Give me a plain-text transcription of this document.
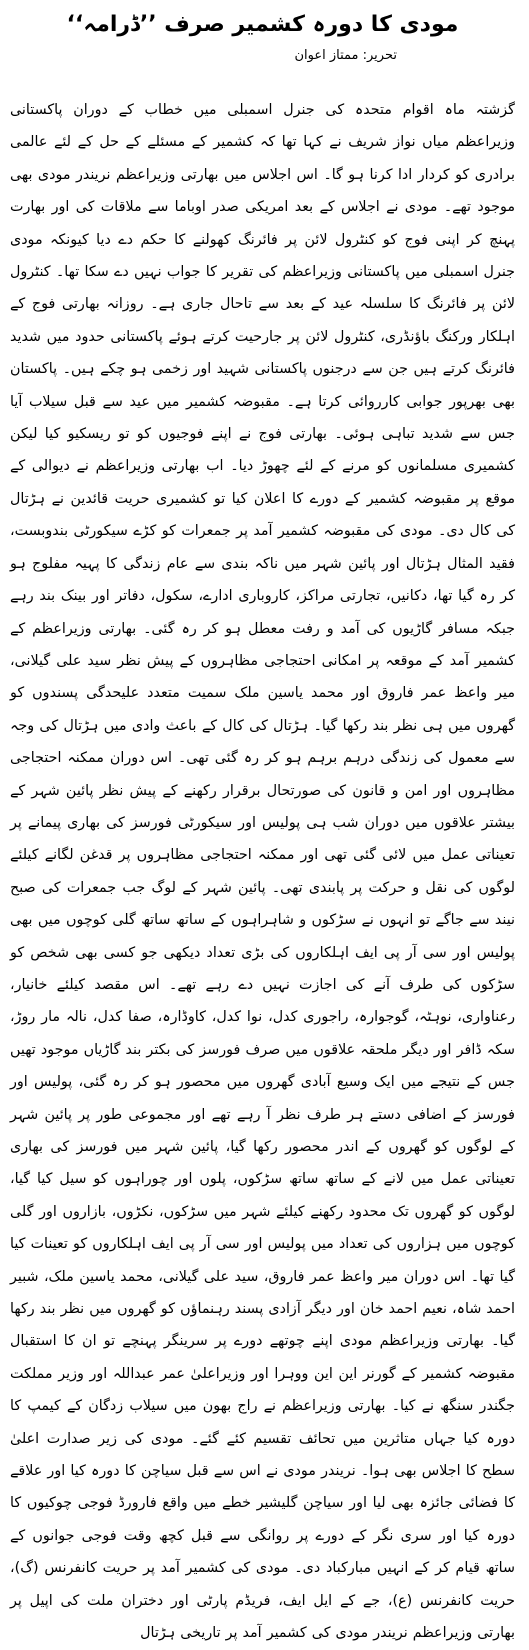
مودی کا دورہ کشمیر صرف ’’ڈرامہ‘‘
تحریر: ممتاز اعوان

گزشتہ ماہ اقوام متحدہ کی جنرل اسمبلی میں خطاب کے دوران پاکستانی وزیراعظم میاں نواز شریف نے کہا تھا کہ کشمیر کے مسئلے کے حل کے لئے عالمی برادری کو کردار ادا کرنا ہو گا۔ اس اجلاس میں بھارتی وزیراعظم نریندر مودی بھی موجود تھے۔ مودی نے اجلاس کے بعد امریکی صدر اوباما سے ملاقات کی اور بھارت پہنچ کر اپنی فوج کو کنٹرول لائن پر فائرنگ کھولنے کا حکم دے دیا کیونکہ مودی جنرل اسمبلی میں پاکستانی وزیراعظم کی تقریر کا جواب نہیں دے سکا تھا۔ کنٹرول لائن پر فائرنگ کا سلسلہ عید کے بعد سے تاحال جاری ہے۔ روزانہ بھارتی فوج کے اہلکار ورکنگ باؤنڈری، کنٹرول لائن پر جارحیت کرتے ہوئے پاکستانی حدود میں شدید فائرنگ کرتے ہیں جن سے درجنوں پاکستانی شہید اور زخمی ہو چکے ہیں۔ پاکستان بھی بھرپور جوابی کارروائی کرتا ہے۔ مقبوضہ کشمیر میں عید سے قبل سیلاب آیا جس سے شدید تباہی ہوئی۔ بھارتی فوج نے اپنے فوجیوں کو تو ریسکیو کیا لیکن کشمیری مسلمانوں کو مرنے کے لئے چھوڑ دیا۔ اب بھارتی وزیراعظم نے دیوالی کے موقع پر مقبوضہ کشمیر کے دورے کا اعلان کیا تو کشمیری حریت قائدین نے ہڑتال کی کال دی۔ مودی کی مقبوضہ کشمیر آمد پر جمعرات کو کڑے سیکورٹی بندوبست، فقید المثال ہڑتال اور پائین شہر میں ناکہ بندی سے عام زندگی کا پہیہ مفلوج ہو کر رہ گیا تھا، دکانیں، تجارتی مراکز، کاروباری ادارے، سکول، دفاتر اور بینک بند رہے جبکہ مسافر گاڑیوں کی آمد و رفت معطل ہو کر رہ گئی۔ بھارتی وزیراعظم کے کشمیر آمد کے موقعہ پر امکانی احتجاجی مظاہروں کے پیش نظر سید علی گیلانی، میر واعظ عمر فاروق اور محمد یاسین ملک سمیت متعدد علیحدگی پسندوں کو گھروں میں ہی نظر بند رکھا گیا۔ ہڑتال کی کال کے باعث وادی میں ہڑتال کی وجہ سے معمول کی زندگی درہم برہم ہو کر رہ گئی تھی۔ اس دوران ممکنہ احتجاجی مظاہروں اور امن و قانون کی صورتحال برقرار رکھنے کے پیش نظر پائین شہر کے بیشتر علاقوں میں دوران شب ہی پولیس اور سیکورٹی فورسز کی بھاری پیمانے پر تعیناتی عمل میں لائی گئی تھی اور ممکنہ احتجاجی مظاہروں پر قدغن لگانے کیلئے لوگوں کی نقل و حرکت پر پابندی تھی۔ پائین شہر کے لوگ جب جمعرات کی صبح نیند سے جاگے تو انہوں نے سڑکوں و شاہراہوں کے ساتھ ساتھ گلی کوچوں میں بھی پولیس اور سی آر پی ایف اہلکاروں کی بڑی تعداد دیکھی جو کسی بھی شخص کو سڑکوں کی طرف آنے کی اجازت نہیں دے رہے تھے۔ اس مقصد کیلئے خانیار، رعناواری، نوہٹہ، گوجوارہ، راجوری کدل، نوا کدل، کاوڈارہ، صفا کدل، نالہ مار روڑ، سکہ ڈافر اور دیگر ملحقہ علاقوں میں صرف فورسز کی بکتر بند گاڑیاں موجود تھیں جس کے نتیجے میں ایک وسیع آبادی گھروں میں محصور ہو کر رہ گئی، پولیس اور فورسز کے اضافی دستے ہر طرف نظر آ رہے تھے اور مجموعی طور پر پائین شہر کے لوگوں کو گھروں کے اندر محصور رکھا گیا، پائین شہر میں فورسز کی بھاری تعیناتی عمل میں لانے کے ساتھ ساتھ سڑکوں، پلوں اور چوراہوں کو سیل کیا گیا، لوگوں کو گھروں تک محدود رکھنے کیلئے شہر میں سڑکوں، نکڑوں، بازاروں اور گلی کوچوں میں ہزاروں کی تعداد میں پولیس اور سی آر پی ایف اہلکاروں کو تعینات کیا گیا تھا۔ اس دوران میر واعظ عمر فاروق، سید علی گیلانی، محمد یاسین ملک، شبیر احمد شاہ، نعیم احمد خان اور دیگر آزادی پسند رہنماؤں کو گھروں میں نظر بند رکھا گیا۔ بھارتی وزیراعظم مودی اپنے چوتھے دورے پر سرینگر پہنچے تو ان کا استقبال مقبوضہ کشمیر کے گورنر این این ووہرا اور وزیراعلیٰ عمر عبداللہ اور وزیر مملکت جگندر سنگھ نے کیا۔ بھارتی وزیراعظم نے راج بھون میں سیلاب زدگان کے کیمپ کا دورہ کیا جہاں متاثرین میں تحائف تقسیم کئے گئے۔ مودی کی زیر صدارت اعلیٰ سطح کا اجلاس بھی ہوا۔ نریندر مودی نے اس سے قبل سیاچن کا دورہ کیا اور علاقے کا فضائی جائزہ بھی لیا اور سیاچن گلیشیر خطے میں واقع فارورڈ فوجی چوکیوں کا دورہ کیا اور سری نگر کے دورے پر روانگی سے قبل کچھ وقت فوجی جوانوں کے ساتھ قیام کر کے انہیں مبارکباد دی۔ مودی کی کشمیر آمد پر حریت کانفرنس (گ)، حریت کانفرنس (ع)، جے کے ایل ایف، فریڈم پارٹی اور دختران ملت کی اپیل پر بھارتی وزیراعظم نریندر مودی کی کشمیر آمد پر تاریخی ہڑتال
